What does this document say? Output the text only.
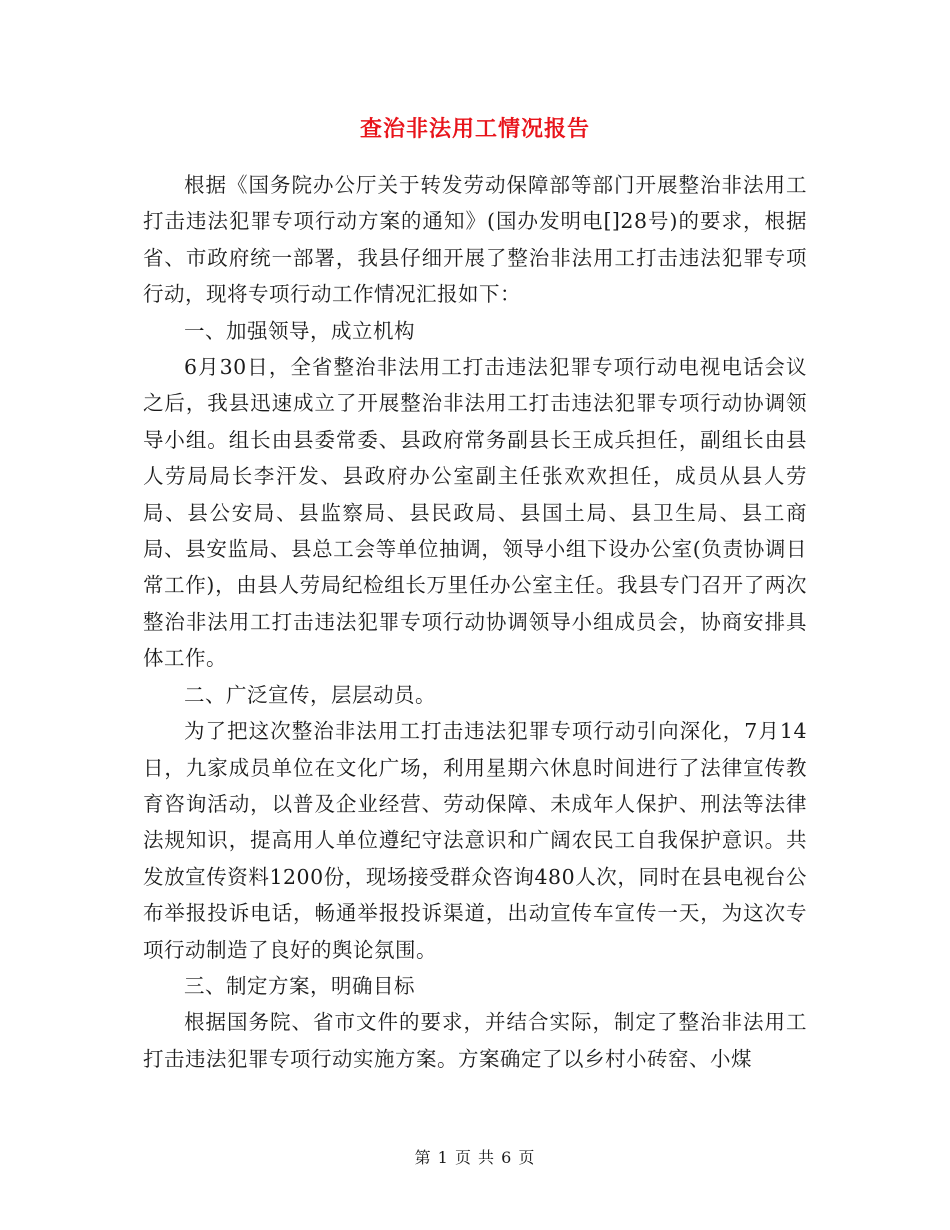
查治非法用工情况报告

根据《国务院办公厅关于转发劳动保障部等部门开展整治非法用工打击违法犯罪专项行动方案的通知》(国办发明电[]28号)的要求，根据省、市政府统一部署，我县仔细开展了整治非法用工打击违法犯罪专项行动，现将专项行动工作情况汇报如下：

一、加强领导，成立机构

6月30日，全省整治非法用工打击违法犯罪专项行动电视电话会议之后，我县迅速成立了开展整治非法用工打击违法犯罪专项行动协调领导小组。组长由县委常委、县政府常务副县长王成兵担任，副组长由县人劳局局长李汗发、县政府办公室副主任张欢欢担任，成员从县人劳局、县公安局、县监察局、县民政局、县国土局、县卫生局、县工商局、县安监局、县总工会等单位抽调，领导小组下设办公室(负责协调日常工作)，由县人劳局纪检组长万里任办公室主任。我县专门召开了两次整治非法用工打击违法犯罪专项行动协调领导小组成员会，协商安排具体工作。

二、广泛宣传，层层动员。

为了把这次整治非法用工打击违法犯罪专项行动引向深化，7月14日，九家成员单位在文化广场，利用星期六休息时间进行了法律宣传教育咨询活动，以普及企业经营、劳动保障、未成年人保护、刑法等法律法规知识，提高用人单位遵纪守法意识和广阔农民工自我保护意识。共发放宣传资料1200份，现场接受群众咨询480人次，同时在县电视台公布举报投诉电话，畅通举报投诉渠道，出动宣传车宣传一天，为这次专项行动制造了良好的舆论氛围。

三、制定方案，明确目标

根据国务院、省市文件的要求，并结合实际，制定了整治非法用工打击违法犯罪专项行动实施方案。方案确定了以乡村小砖窑、小煤

第 1 页 共 6 页
